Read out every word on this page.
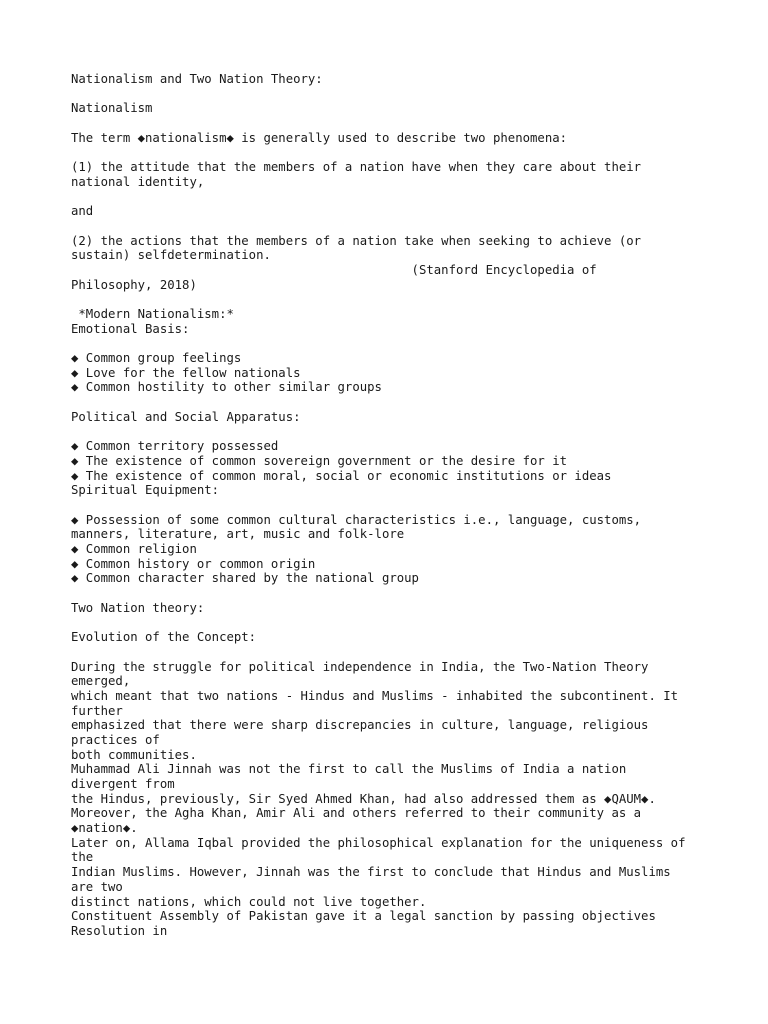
Nationalism and Two Nation Theory:
Nationalism
The term ◆nationalism◆ is generally used to describe two phenomena:
(1) the attitude that the members of a nation have when they care about their
national identity,
and
(2) the actions that the members of a nation take when seeking to achieve (or
sustain) selfdetermination.
(Stanford Encyclopedia of
Philosophy, 2018)
*Modern Nationalism:*
Emotional Basis:
◆ Common group feelings
◆ Love for the fellow nationals
◆ Common hostility to other similar groups
Political and Social Apparatus:
◆ Common territory possessed
◆ The existence of common sovereign government or the desire for it
◆ The existence of common moral, social or economic institutions or ideas
Spiritual Equipment:
◆ Possession of some common cultural characteristics i.e., language, customs,
manners, literature, art, music and folk-lore
◆ Common religion
◆ Common history or common origin
◆ Common character shared by the national group
Two Nation theory:
Evolution of the Concept:
During the struggle for political independence in India, the Two-Nation Theory
emerged,
which meant that two nations - Hindus and Muslims - inhabited the subcontinent. It
further
emphasized that there were sharp discrepancies in culture, language, religious
practices of
both communities.
Muhammad Ali Jinnah was not the first to call the Muslims of India a nation
divergent from
the Hindus, previously, Sir Syed Ahmed Khan, had also addressed them as ◆QAUM◆.
Moreover, the Agha Khan, Amir Ali and others referred to their community as a
◆nation◆.
Later on, Allama Iqbal provided the philosophical explanation for the uniqueness of
the
Indian Muslims. However, Jinnah was the first to conclude that Hindus and Muslims
are two
distinct nations, which could not live together.
Constituent Assembly of Pakistan gave it a legal sanction by passing objectives
Resolution in
